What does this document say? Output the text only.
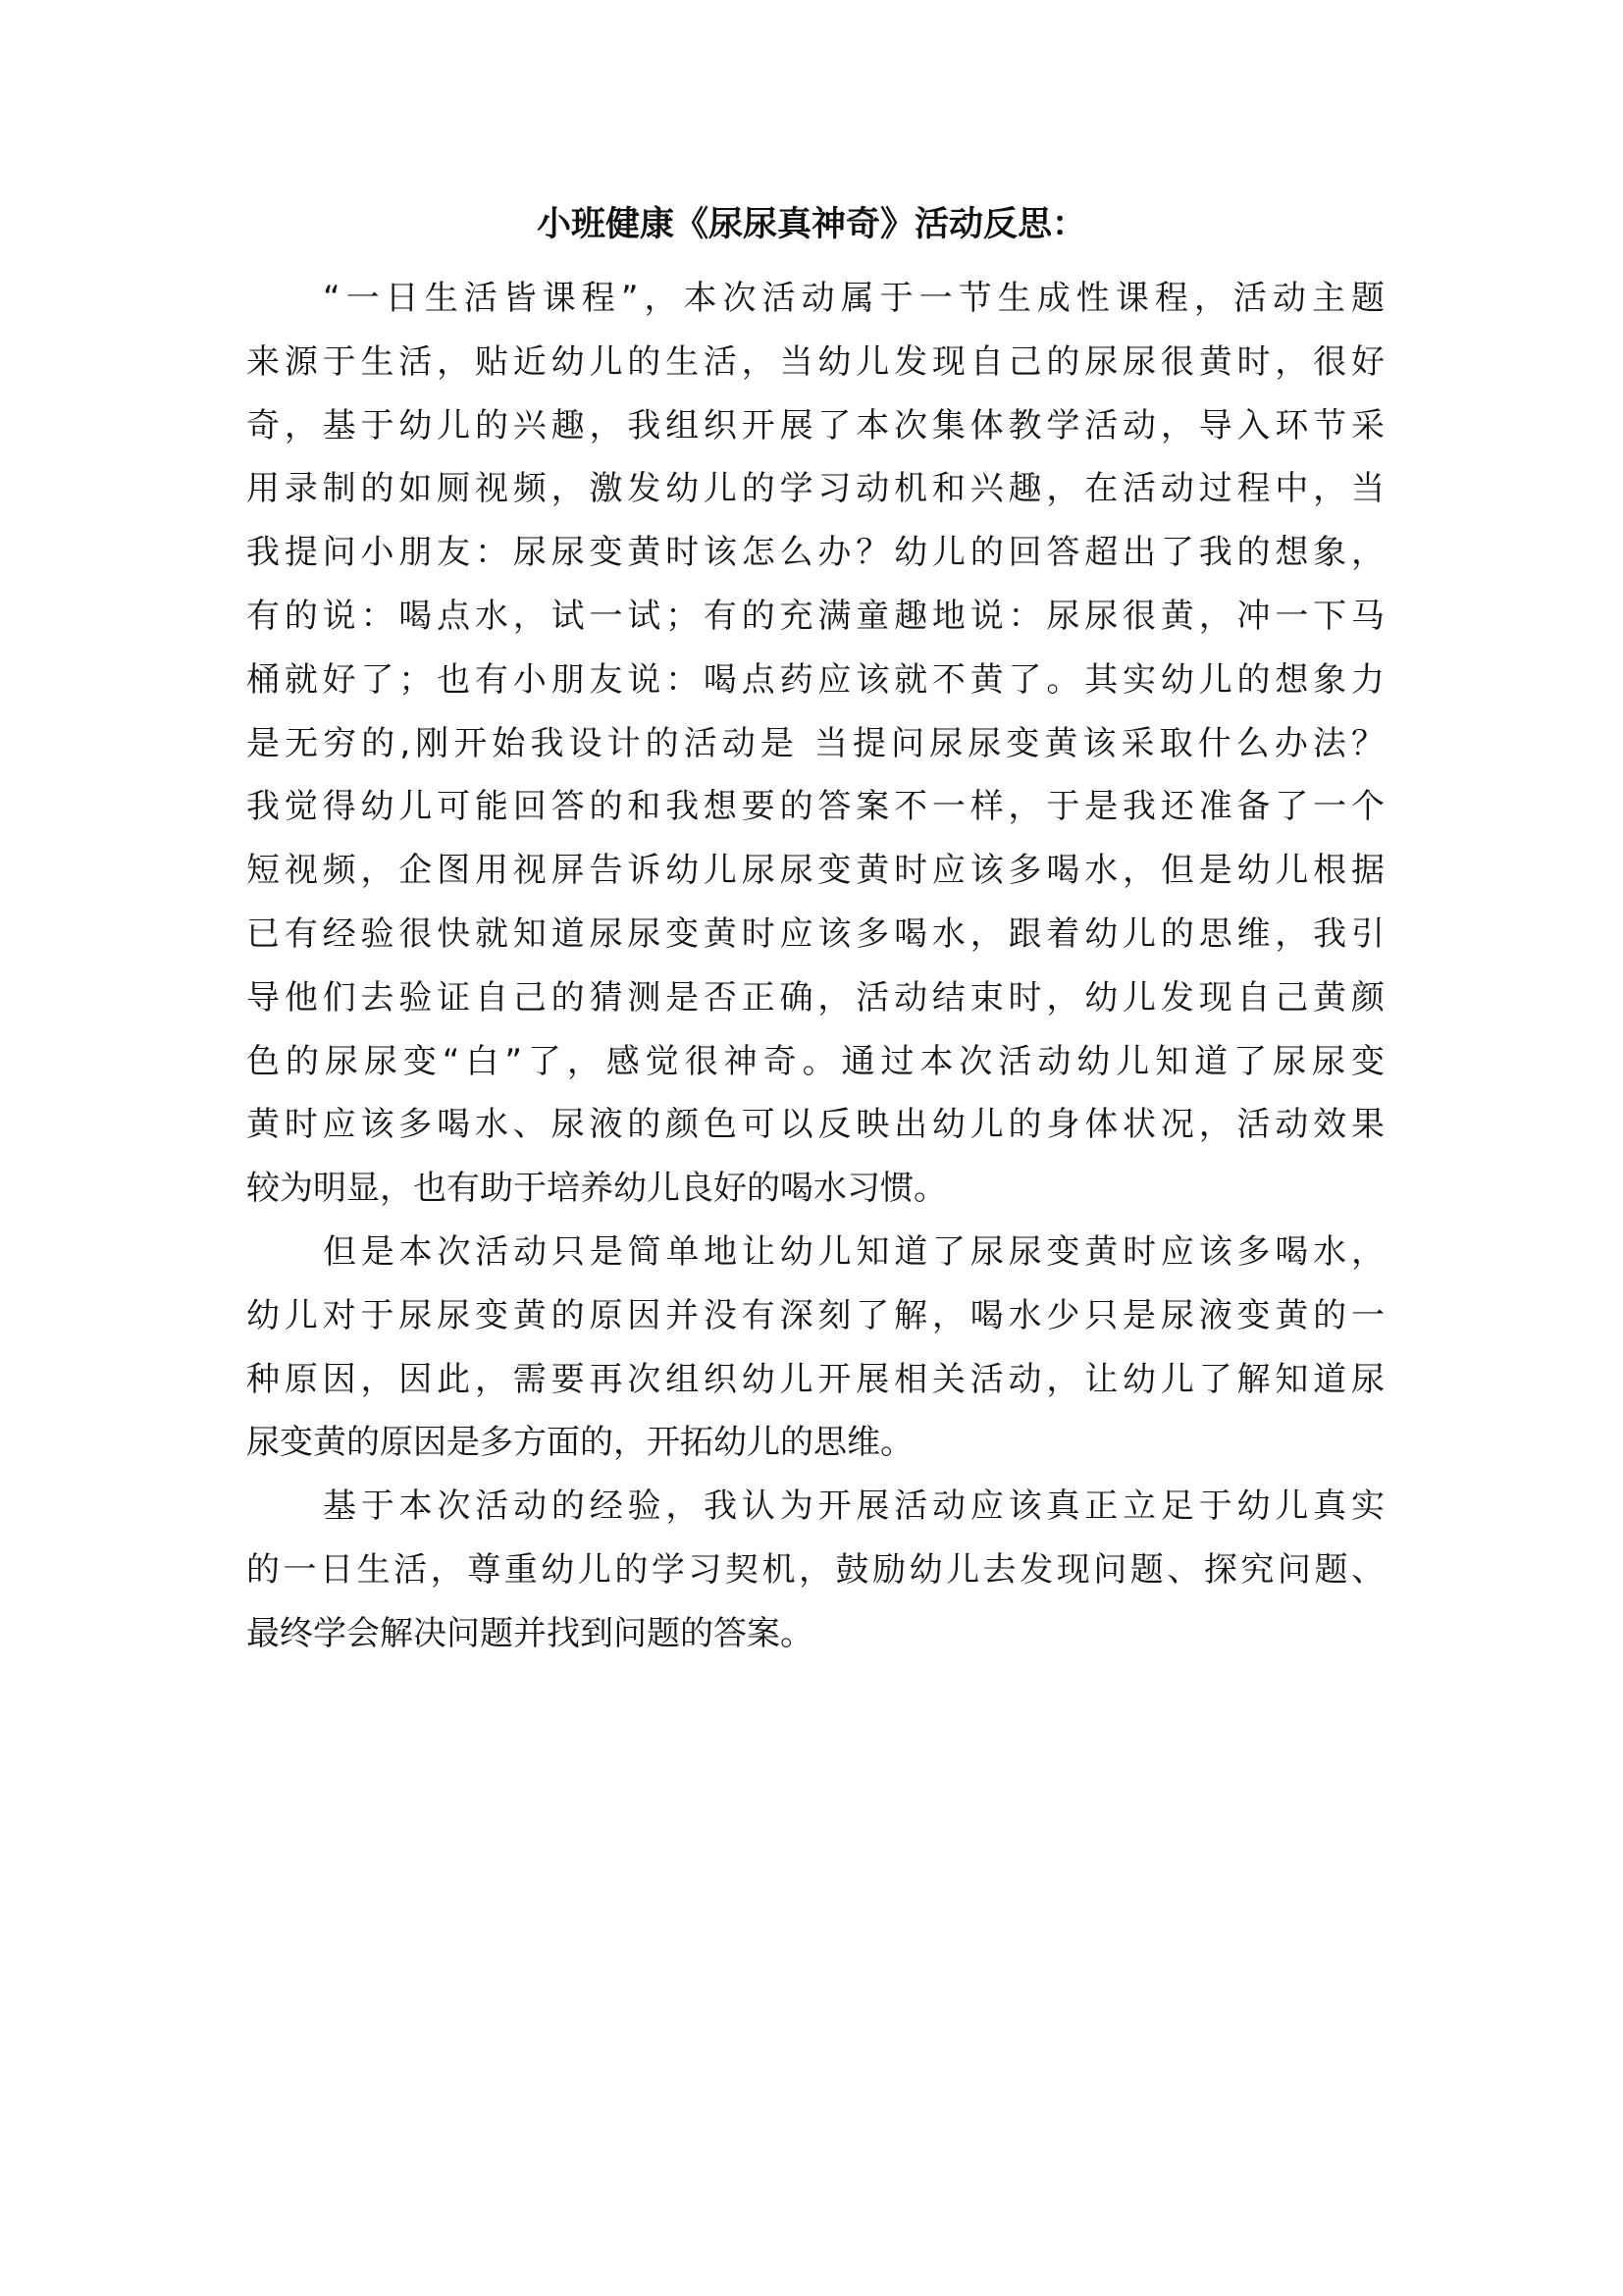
小班健康《尿尿真神奇》活动反思：
“一日生活皆课程”，本次活动属于一节生成性课程，活动主题
来源于生活，贴近幼儿的生活，当幼儿发现自己的尿尿很黄时，很好
奇，基于幼儿的兴趣，我组织开展了本次集体教学活动，导入环节采
用录制的如厕视频，激发幼儿的学习动机和兴趣，在活动过程中，当
我提问小朋友：尿尿变黄时该怎么办？幼儿的回答超出了我的想象，
有的说：喝点水，试一试；有的充满童趣地说：尿尿很黄，冲一下马
桶就好了；也有小朋友说：喝点药应该就不黄了。其实幼儿的想象力
是无穷的,刚开始我设计的活动是 当提问尿尿变黄该采取什么办法？
我觉得幼儿可能回答的和我想要的答案不一样，于是我还准备了一个
短视频，企图用视屏告诉幼儿尿尿变黄时应该多喝水，但是幼儿根据
已有经验很快就知道尿尿变黄时应该多喝水，跟着幼儿的思维，我引
导他们去验证自己的猜测是否正确，活动结束时，幼儿发现自己黄颜
色的尿尿变“白”了，感觉很神奇。通过本次活动幼儿知道了尿尿变
黄时应该多喝水、尿液的颜色可以反映出幼儿的身体状况，活动效果
较为明显，也有助于培养幼儿良好的喝水习惯。
但是本次活动只是简单地让幼儿知道了尿尿变黄时应该多喝水，
幼儿对于尿尿变黄的原因并没有深刻了解，喝水少只是尿液变黄的一
种原因，因此，需要再次组织幼儿开展相关活动，让幼儿了解知道尿
尿变黄的原因是多方面的，开拓幼儿的思维。
基于本次活动的经验，我认为开展活动应该真正立足于幼儿真实
的一日生活，尊重幼儿的学习契机，鼓励幼儿去发现问题、探究问题、
最终学会解决问题并找到问题的答案。
